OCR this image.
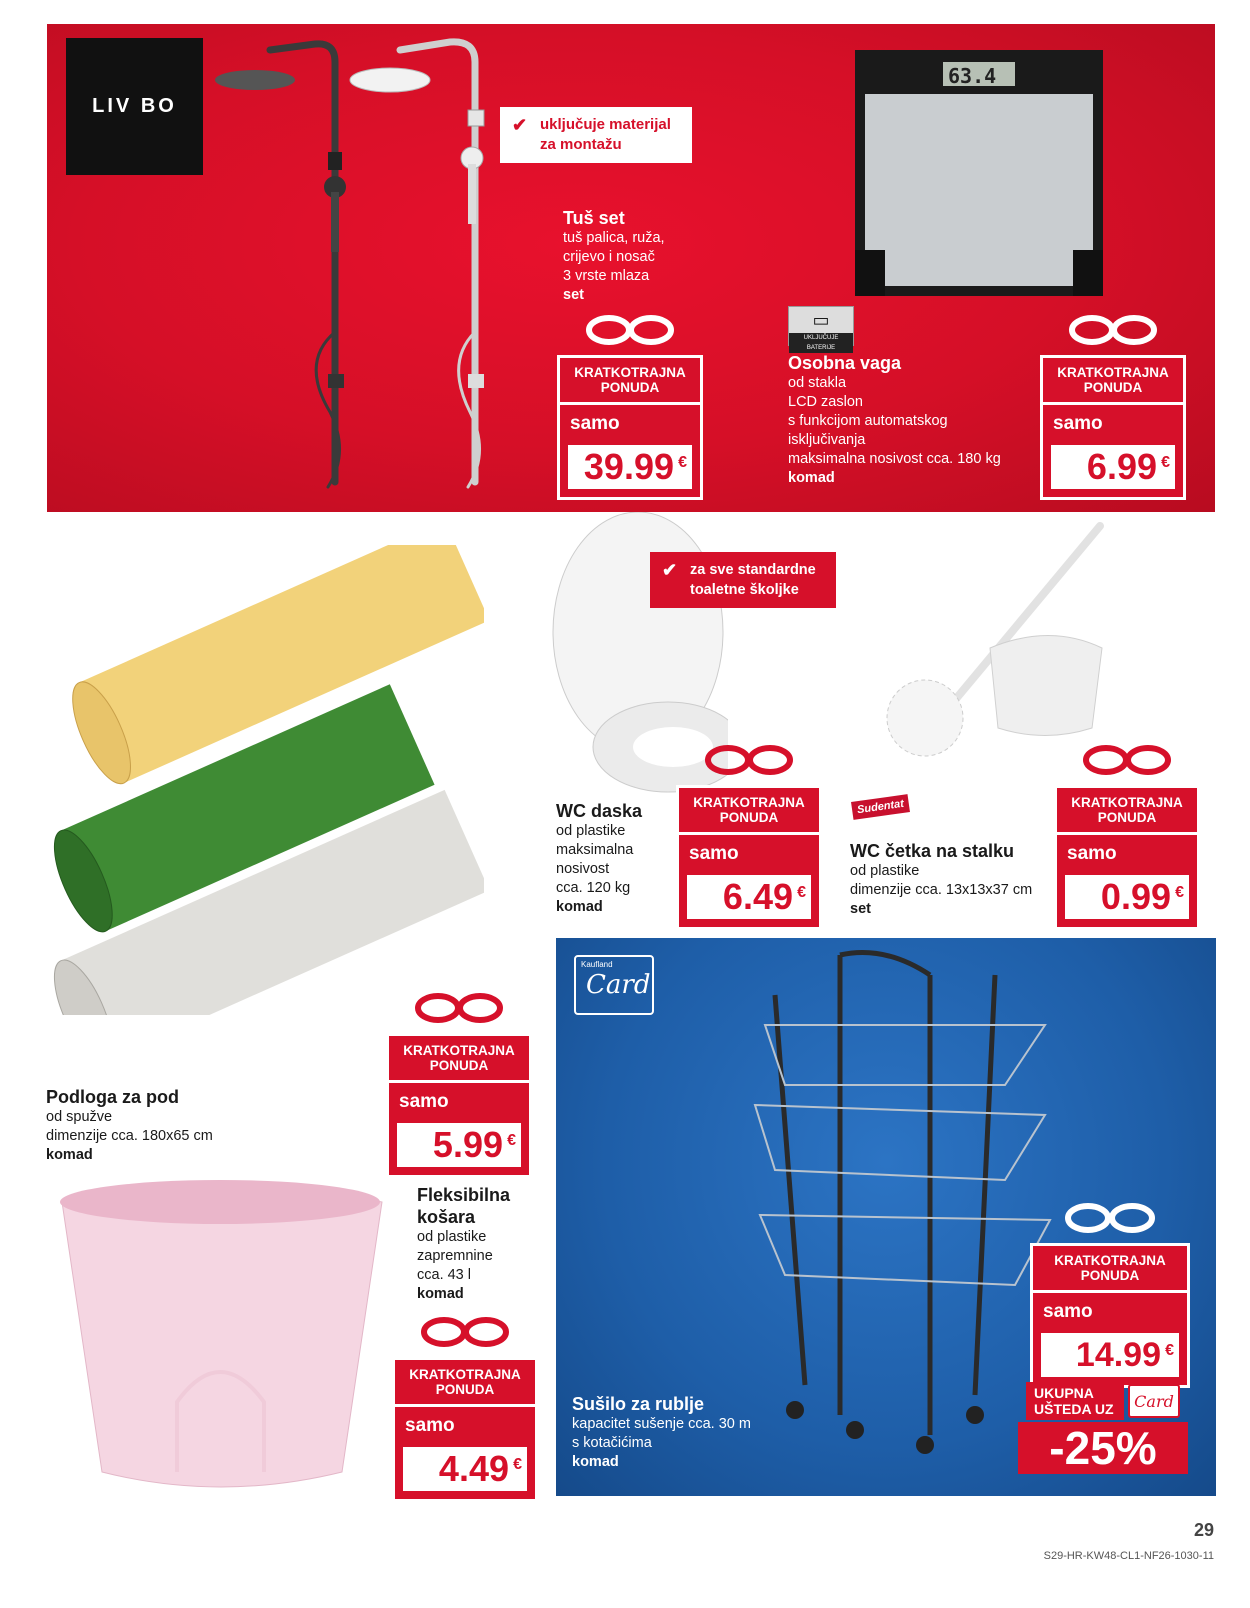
LIV BO
✔ uključuje materijal
za montažu
Tuš set
tuš palica, ruža,
crijevo i nosač
3 vrste mlaza
set
63.4
▭
UKLJUČUJE BATERIJE
Osobna vaga
od stakla
LCD zaslon
s funkcijom automatskog
isključivanja
maksimalna nosivost cca. 180 kg
komad
KRATKOTRAJNA
PONUDA
samo
39.99 €
KRATKOTRAJNA
PONUDA
samo
6.99 €
✔ za sve standardne
toaletne školjke
WC daska
od plastike
maksimalna
nosivost
cca. 120 kg
komad
KRATKOTRAJNA
PONUDA
samo
6.49 €
Sudentat
WC četka na stalku
od plastike
dimenzije cca. 13x13x37 cm
set
KRATKOTRAJNA
PONUDA
samo
0.99 €
KRATKOTRAJNA
PONUDA
samo
5.99 €
Podloga za pod
od spužve
dimenzije cca. 180x65 cm
komad
Fleksibilna
košara
od plastike
zapremnine
cca. 43 l
komad
KRATKOTRAJNA
PONUDA
samo
4.49 €
Kaufland
Card
Sušilo za rublje
kapacitet sušenje cca. 30 m
s kotačićima
komad
KRATKOTRAJNA
PONUDA
samo
14.99 €
UKUPNA
UŠTEDA UZ	Card
-25%
29
S29-HR-KW48-CL1-NF26-1030-11
